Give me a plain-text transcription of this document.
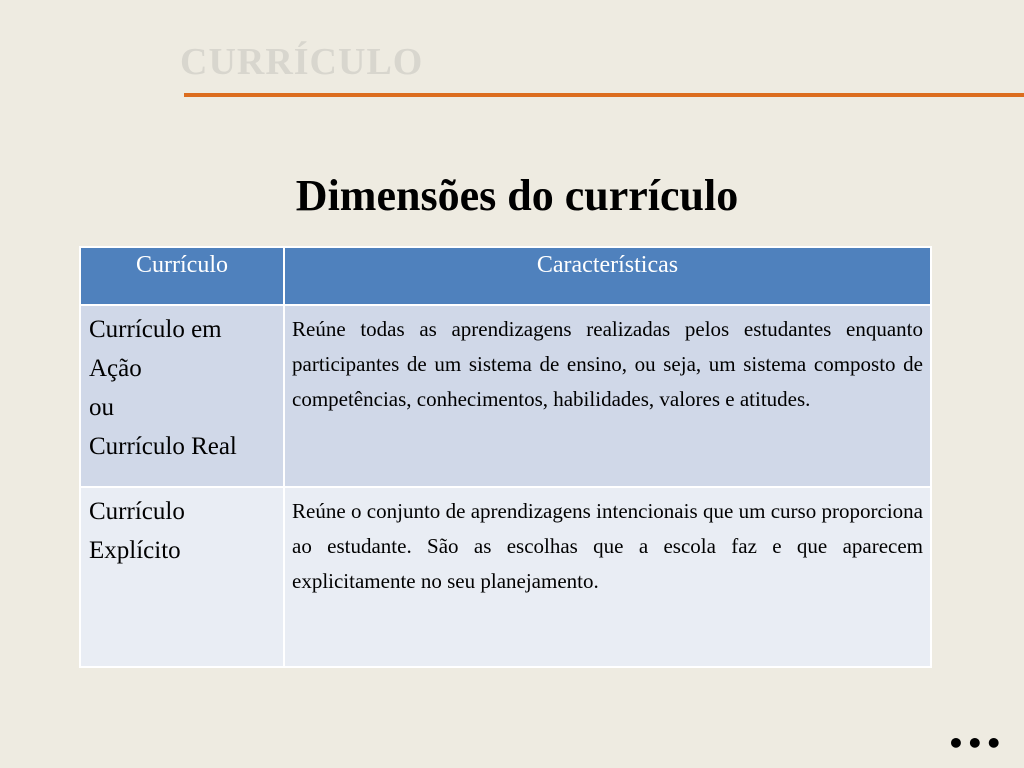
CURRÍCULO
Dimensões do currículo
Currículo	Características

Currículo em
Ação
ou
Currículo Real	Reúne todas as aprendizagens realizadas pelos estudantes enquanto participantes de um sistema de ensino, ou seja, um sistema composto de competências, conhecimentos, habilidades, valores e atitudes.

Currículo
Explícito	Reúne o conjunto de aprendizagens intencionais que um curso proporciona ao estudante. São as escolhas que a escola faz e que aparecem explicitamente no seu planejamento.
•••
